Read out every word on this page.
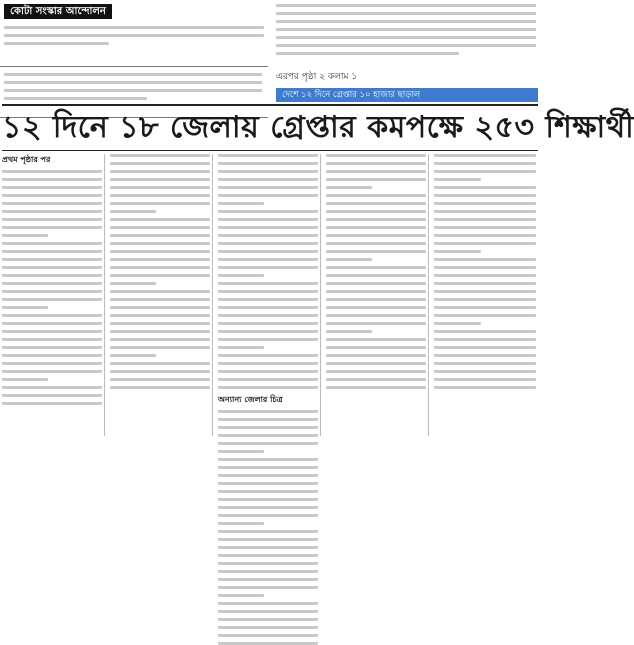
কোটা সংস্কার আন্দোলন
এরপর পৃষ্ঠা ২ কলাম ১
দেশে ১২ দিনে গ্রেপ্তার ১০ হাজার ছাড়াল
১২ দিনে ১৮ জেলায় গ্রেপ্তার কমপক্ষে ২৫৩ শিক্ষার্থী
প্রথম পৃষ্ঠার পর
অন্যান্য জেলার চিত্র
